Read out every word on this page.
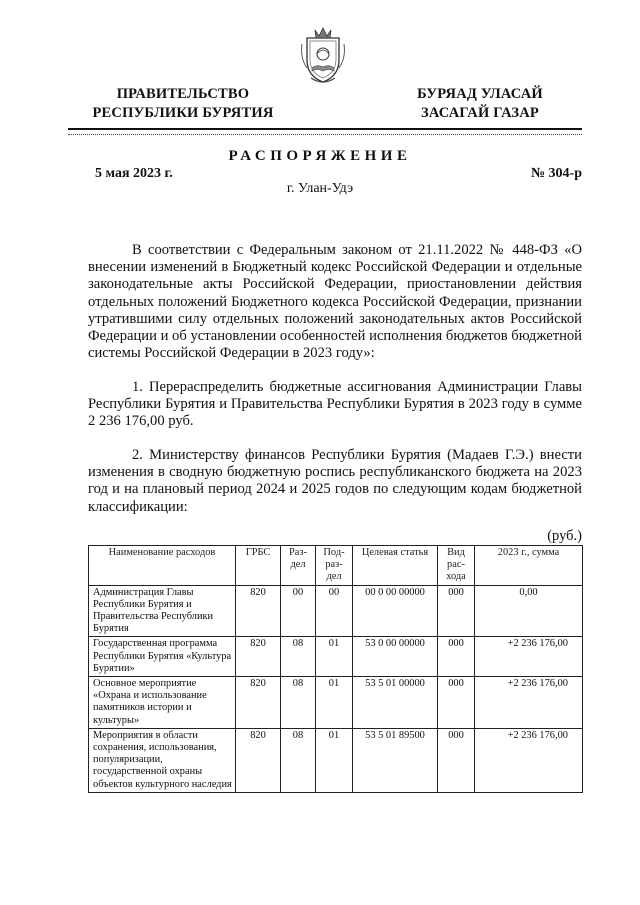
ПРАВИТЕЛЬСТВО
РЕСПУБЛИКИ БУРЯТИЯ
БУРЯАД УЛАСАЙ
ЗАСАГАЙ ГАЗАР
РАСПОРЯЖЕНИЕ
5 мая 2023 г.	№ 304-р
г. Улан-Удэ

В соответствии с Федеральным законом от 21.11.2022 № 448-ФЗ «О внесении изменений в Бюджетный кодекс Российской Федерации и отдельные законодательные акты Российской Федерации, приостановлении действия отдельных положений Бюджетного кодекса Российской Федерации, признании утратившими силу отдельных положений законодательных актов Российской Федерации и об установлении особенностей исполнения бюджетов бюджетной системы Российской Федерации в 2023 году»:

1. Перераспределить бюджетные ассигнования Администрации Главы Республики Бурятия и Правительства Республики Бурятия в 2023 году в сумме 2 236 176,00 руб.

2. Министерству финансов Республики Бурятия (Мадаев Г.Э.) внести изменения в сводную бюджетную роспись республиканского бюджета на 2023 год и на плановый период 2024 и 2025 годов по следующим кодам бюджетной классификации:

(руб.)
Наименование расходов	ГРБС	Раз-дел	Под-раз-дел	Целевая статья	Вид рас-хода	2023 г., сумма
Администрация Главы Республики Бурятия и Правительства Республики Бурятия	820	00	00	00 0 00 00000	000	0,00
Государственная программа Республики Бурятия «Культура Бурятии»	820	08	01	53 0 00 00000	000	+2 236 176,00
Основное мероприятие «Охрана и использование памятников истории и культуры»	820	08	01	53 5 01 00000	000	+2 236 176,00
Мероприятия в области сохранения, использования, популяризации, государственной охраны объектов культурного наследия	820	08	01	53 5 01 89500	000	+2 236 176,00
